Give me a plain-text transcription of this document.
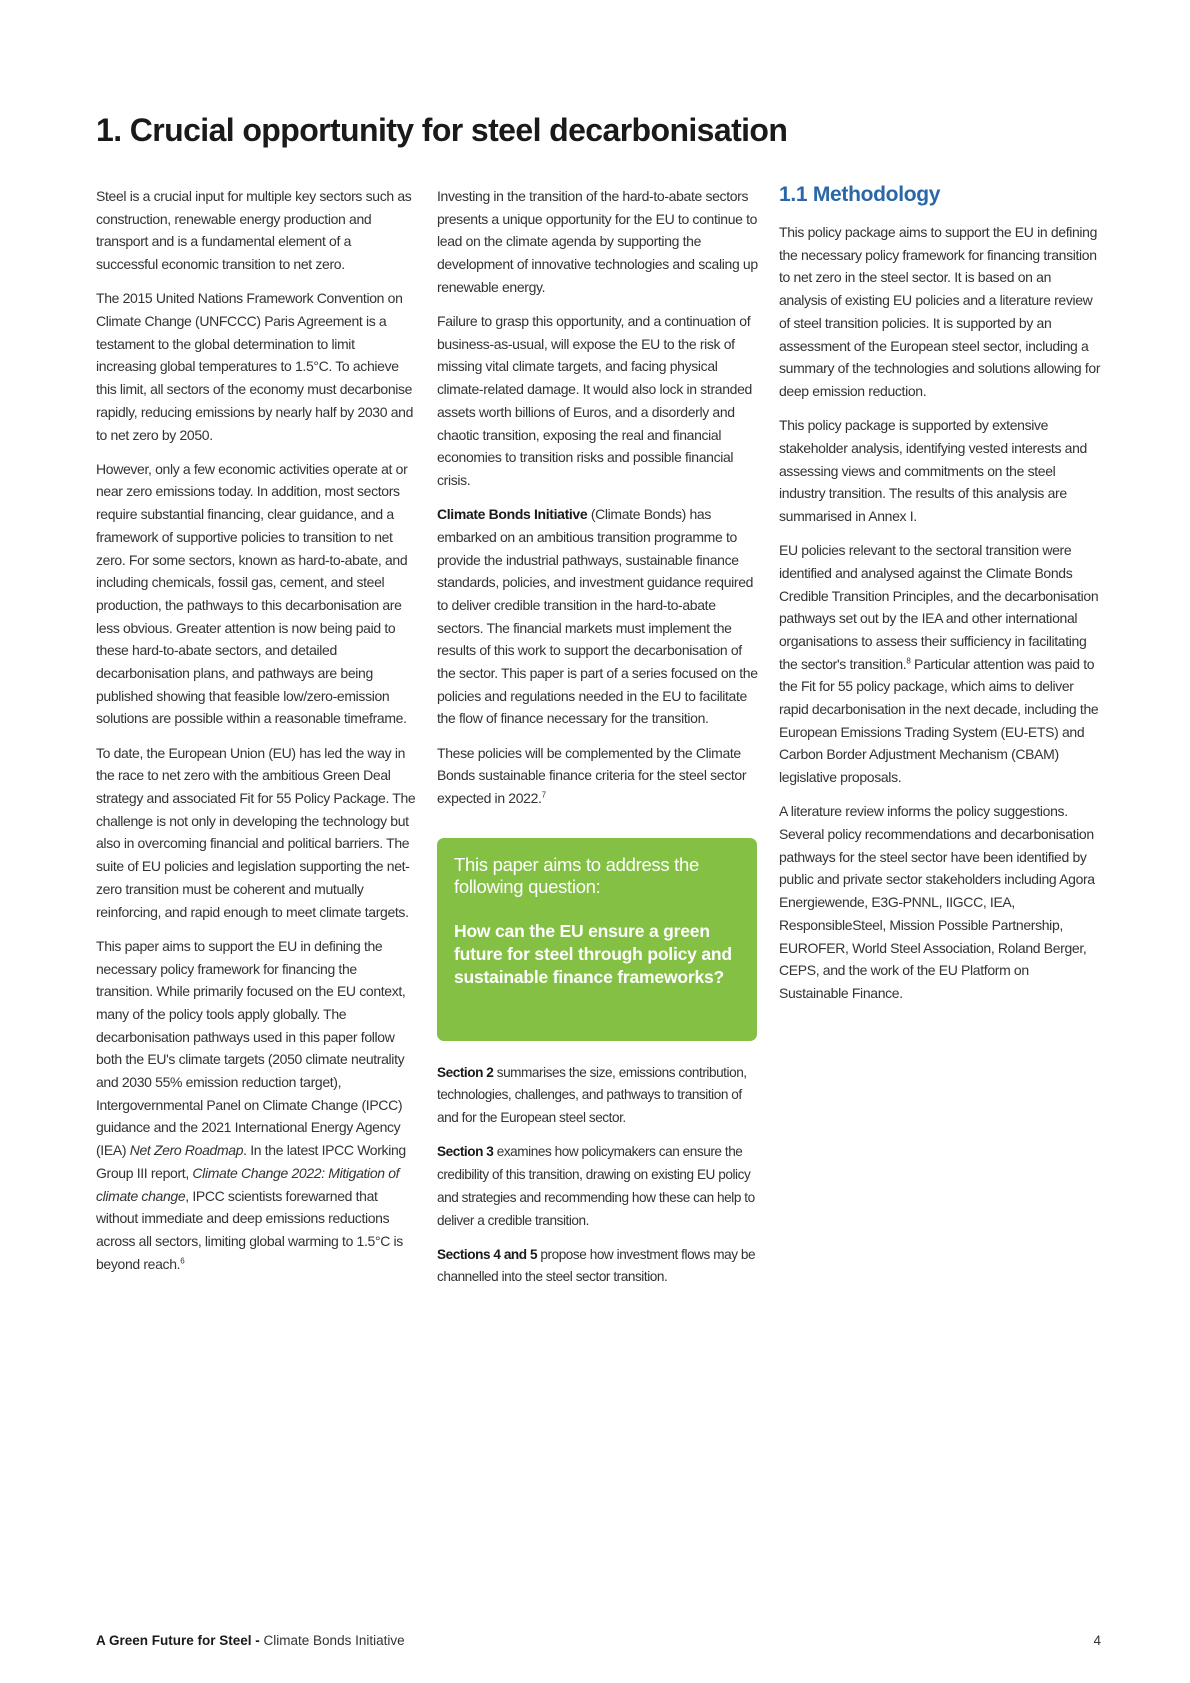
1. Crucial opportunity for steel decarbonisation

Steel is a crucial input for multiple key sectors such as construction, renewable energy production and transport and is a fundamental element of a successful economic transition to net zero.

The 2015 United Nations Framework Convention on Climate Change (UNFCCC) Paris Agreement is a testament to the global determination to limit increasing global temperatures to 1.5°C. To achieve this limit, all sectors of the economy must decarbonise rapidly, reducing emissions by nearly half by 2030 and to net zero by 2050.

However, only a few economic activities operate at or near zero emissions today. In addition, most sectors require substantial financing, clear guidance, and a framework of supportive policies to transition to net zero. For some sectors, known as hard-to-abate, and including chemicals, fossil gas, cement, and steel production, the pathways to this decarbonisation are less obvious. Greater attention is now being paid to these hard-to-abate sectors, and detailed decarbonisation plans, and pathways are being published showing that feasible low/zero-emission solutions are possible within a reasonable timeframe.

To date, the European Union (EU) has led the way in the race to net zero with the ambitious Green Deal strategy and associated Fit for 55 Policy Package. The challenge is not only in developing the technology but also in overcoming financial and political barriers. The suite of EU policies and legislation supporting the net-zero transition must be coherent and mutually reinforcing, and rapid enough to meet climate targets.

This paper aims to support the EU in defining the necessary policy framework for financing the transition. While primarily focused on the EU context, many of the policy tools apply globally. The decarbonisation pathways used in this paper follow both the EU's climate targets (2050 climate neutrality and 2030 55% emission reduction target), Intergovernmental Panel on Climate Change (IPCC) guidance and the 2021 International Energy Agency (IEA) Net Zero Roadmap. In the latest IPCC Working Group III report, Climate Change 2022: Mitigation of climate change, IPCC scientists forewarned that without immediate and deep emissions reductions across all sectors, limiting global warming to 1.5°C is beyond reach.$^6$

Investing in the transition of the hard-to-abate sectors presents a unique opportunity for the EU to continue to lead on the climate agenda by supporting the development of innovative technologies and scaling up renewable energy.

Failure to grasp this opportunity, and a continuation of business-as-usual, will expose the EU to the risk of missing vital climate targets, and facing physical climate-related damage. It would also lock in stranded assets worth billions of Euros, and a disorderly and chaotic transition, exposing the real and financial economies to transition risks and possible financial crisis.

Climate Bonds Initiative (Climate Bonds) has embarked on an ambitious transition programme to provide the industrial pathways, sustainable finance standards, policies, and investment guidance required to deliver credible transition in the hard-to-abate sectors. The financial markets must implement the results of this work to support the decarbonisation of the sector. This paper is part of a series focused on the policies and regulations needed in the EU to facilitate the flow of finance necessary for the transition.

These policies will be complemented by the Climate Bonds sustainable finance criteria for the steel sector expected in 2022.$^7$

This paper aims to address the following question:
How can the EU ensure a green future for steel through policy and sustainable finance frameworks?

Section 2 summarises the size, emissions contribution, technologies, challenges, and pathways to transition of and for the European steel sector.

Section 3 examines how policymakers can ensure the credibility of this transition, drawing on existing EU policy and strategies and recommending how these can help to deliver a credible transition.

Sections 4 and 5 propose how investment flows may be channelled into the steel sector transition.

1.1 Methodology

This policy package aims to support the EU in defining the necessary policy framework for financing transition to net zero in the steel sector. It is based on an analysis of existing EU policies and a literature review of steel transition policies. It is supported by an assessment of the European steel sector, including a summary of the technologies and solutions allowing for deep emission reduction.

This policy package is supported by extensive stakeholder analysis, identifying vested interests and assessing views and commitments on the steel industry transition. The results of this analysis are summarised in Annex I.

EU policies relevant to the sectoral transition were identified and analysed against the Climate Bonds Credible Transition Principles, and the decarbonisation pathways set out by the IEA and other international organisations to assess their sufficiency in facilitating the sector's transition.$^8$ Particular attention was paid to the Fit for 55 policy package, which aims to deliver rapid decarbonisation in the next decade, including the European Emissions Trading System (EU-ETS) and Carbon Border Adjustment Mechanism (CBAM) legislative proposals.

A literature review informs the policy suggestions. Several policy recommendations and decarbonisation pathways for the steel sector have been identified by public and private sector stakeholders including Agora Energiewende, E3G-PNNL, IIGCC, IEA, ResponsibleSteel, Mission Possible Partnership, EUROFER, World Steel Association, Roland Berger, CEPS, and the work of the EU Platform on Sustainable Finance.

A Green Future for Steel - Climate Bonds Initiative	4
